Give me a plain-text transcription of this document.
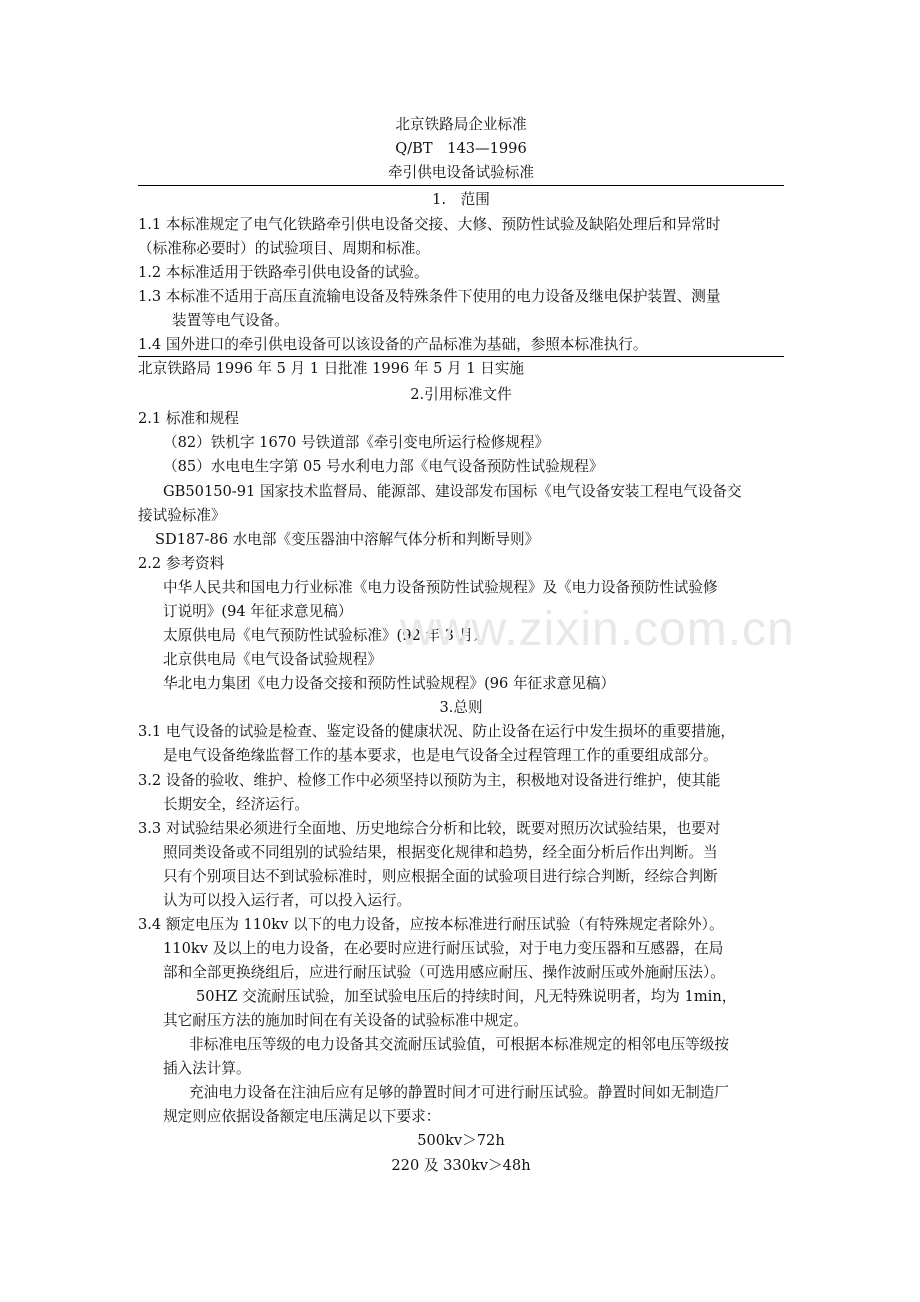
北京铁路局企业标准
Q/BT　143—1996
牵引供电设备试验标准
1.　范围
1.1 本标准规定了电气化铁路牵引供电设备交接、大修、预防性试验及缺陷处理后和异常时
（标准称必要时）的试验项目、周期和标准。
1.2 本标准适用于铁路牵引供电设备的试验。
1.3 本标准不适用于高压直流输电设备及特殊条件下使用的电力设备及继电保护装置、测量
装置等电气设备。
1.4 国外进口的牵引供电设备可以该设备的产品标准为基础，参照本标准执行。
北京铁路局 1996 年 5 月 1 日批准 1996 年 5 月 1 日实施
2.引用标准文件
2.1 标准和规程
（82）铁机字 1670 号铁道部《牵引变电所运行检修规程》
（85）水电电生字第 05 号水利电力部《电气设备预防性试验规程》
GB50150-91 国家技术监督局、能源部、建设部发布国标《电气设备安装工程电气设备交
接试验标准》
SD187-86 水电部《变压器油中溶解气体分析和判断导则》
2.2 参考资料
中华人民共和国电力行业标准《电力设备预防性试验规程》及《电力设备预防性试验修
订说明》(94 年征求意见稿）
太原供电局《电气预防性试验标准》(92 年 3 月）
北京供电局《电气设备试验规程》
华北电力集团《电力设备交接和预防性试验规程》(96 年征求意见稿）
3.总则
3.1 电气设备的试验是检查、鉴定设备的健康状况、防止设备在运行中发生损坏的重要措施，
是电气设备绝缘监督工作的基本要求，也是电气设备全过程管理工作的重要组成部分。
3.2 设备的验收、维护、检修工作中必须坚持以预防为主，积极地对设备进行维护，使其能
长期安全，经济运行。
3.3 对试验结果必须进行全面地、历史地综合分析和比较，既要对照历次试验结果，也要对
照同类设备或不同组别的试验结果，根据变化规律和趋势，经全面分析后作出判断。当
只有个别项目达不到试验标准时，则应根据全面的试验项目进行综合判断，经综合判断
认为可以投入运行者，可以投入运行。
3.4 额定电压为 110kv 以下的电力设备，应按本标准进行耐压试验（有特殊规定者除外）。
110kv 及以上的电力设备，在必要时应进行耐压试验，对于电力变压器和互感器，在局
部和全部更换绕组后，应进行耐压试验（可选用感应耐压、操作波耐压或外施耐压法）。
50HZ 交流耐压试验，加至试验电压后的持续时间，凡无特殊说明者，均为 1min，
其它耐压方法的施加时间在有关设备的试验标准中规定。
非标准电压等级的电力设备其交流耐压试验值，可根据本标准规定的相邻电压等级按
插入法计算。
充油电力设备在注油后应有足够的静置时间才可进行耐压试验。静置时间如无制造厂
规定则应依据设备额定电压满足以下要求：
500kv＞72h
220 及 330kv＞48h
www.zixin.com.cn
